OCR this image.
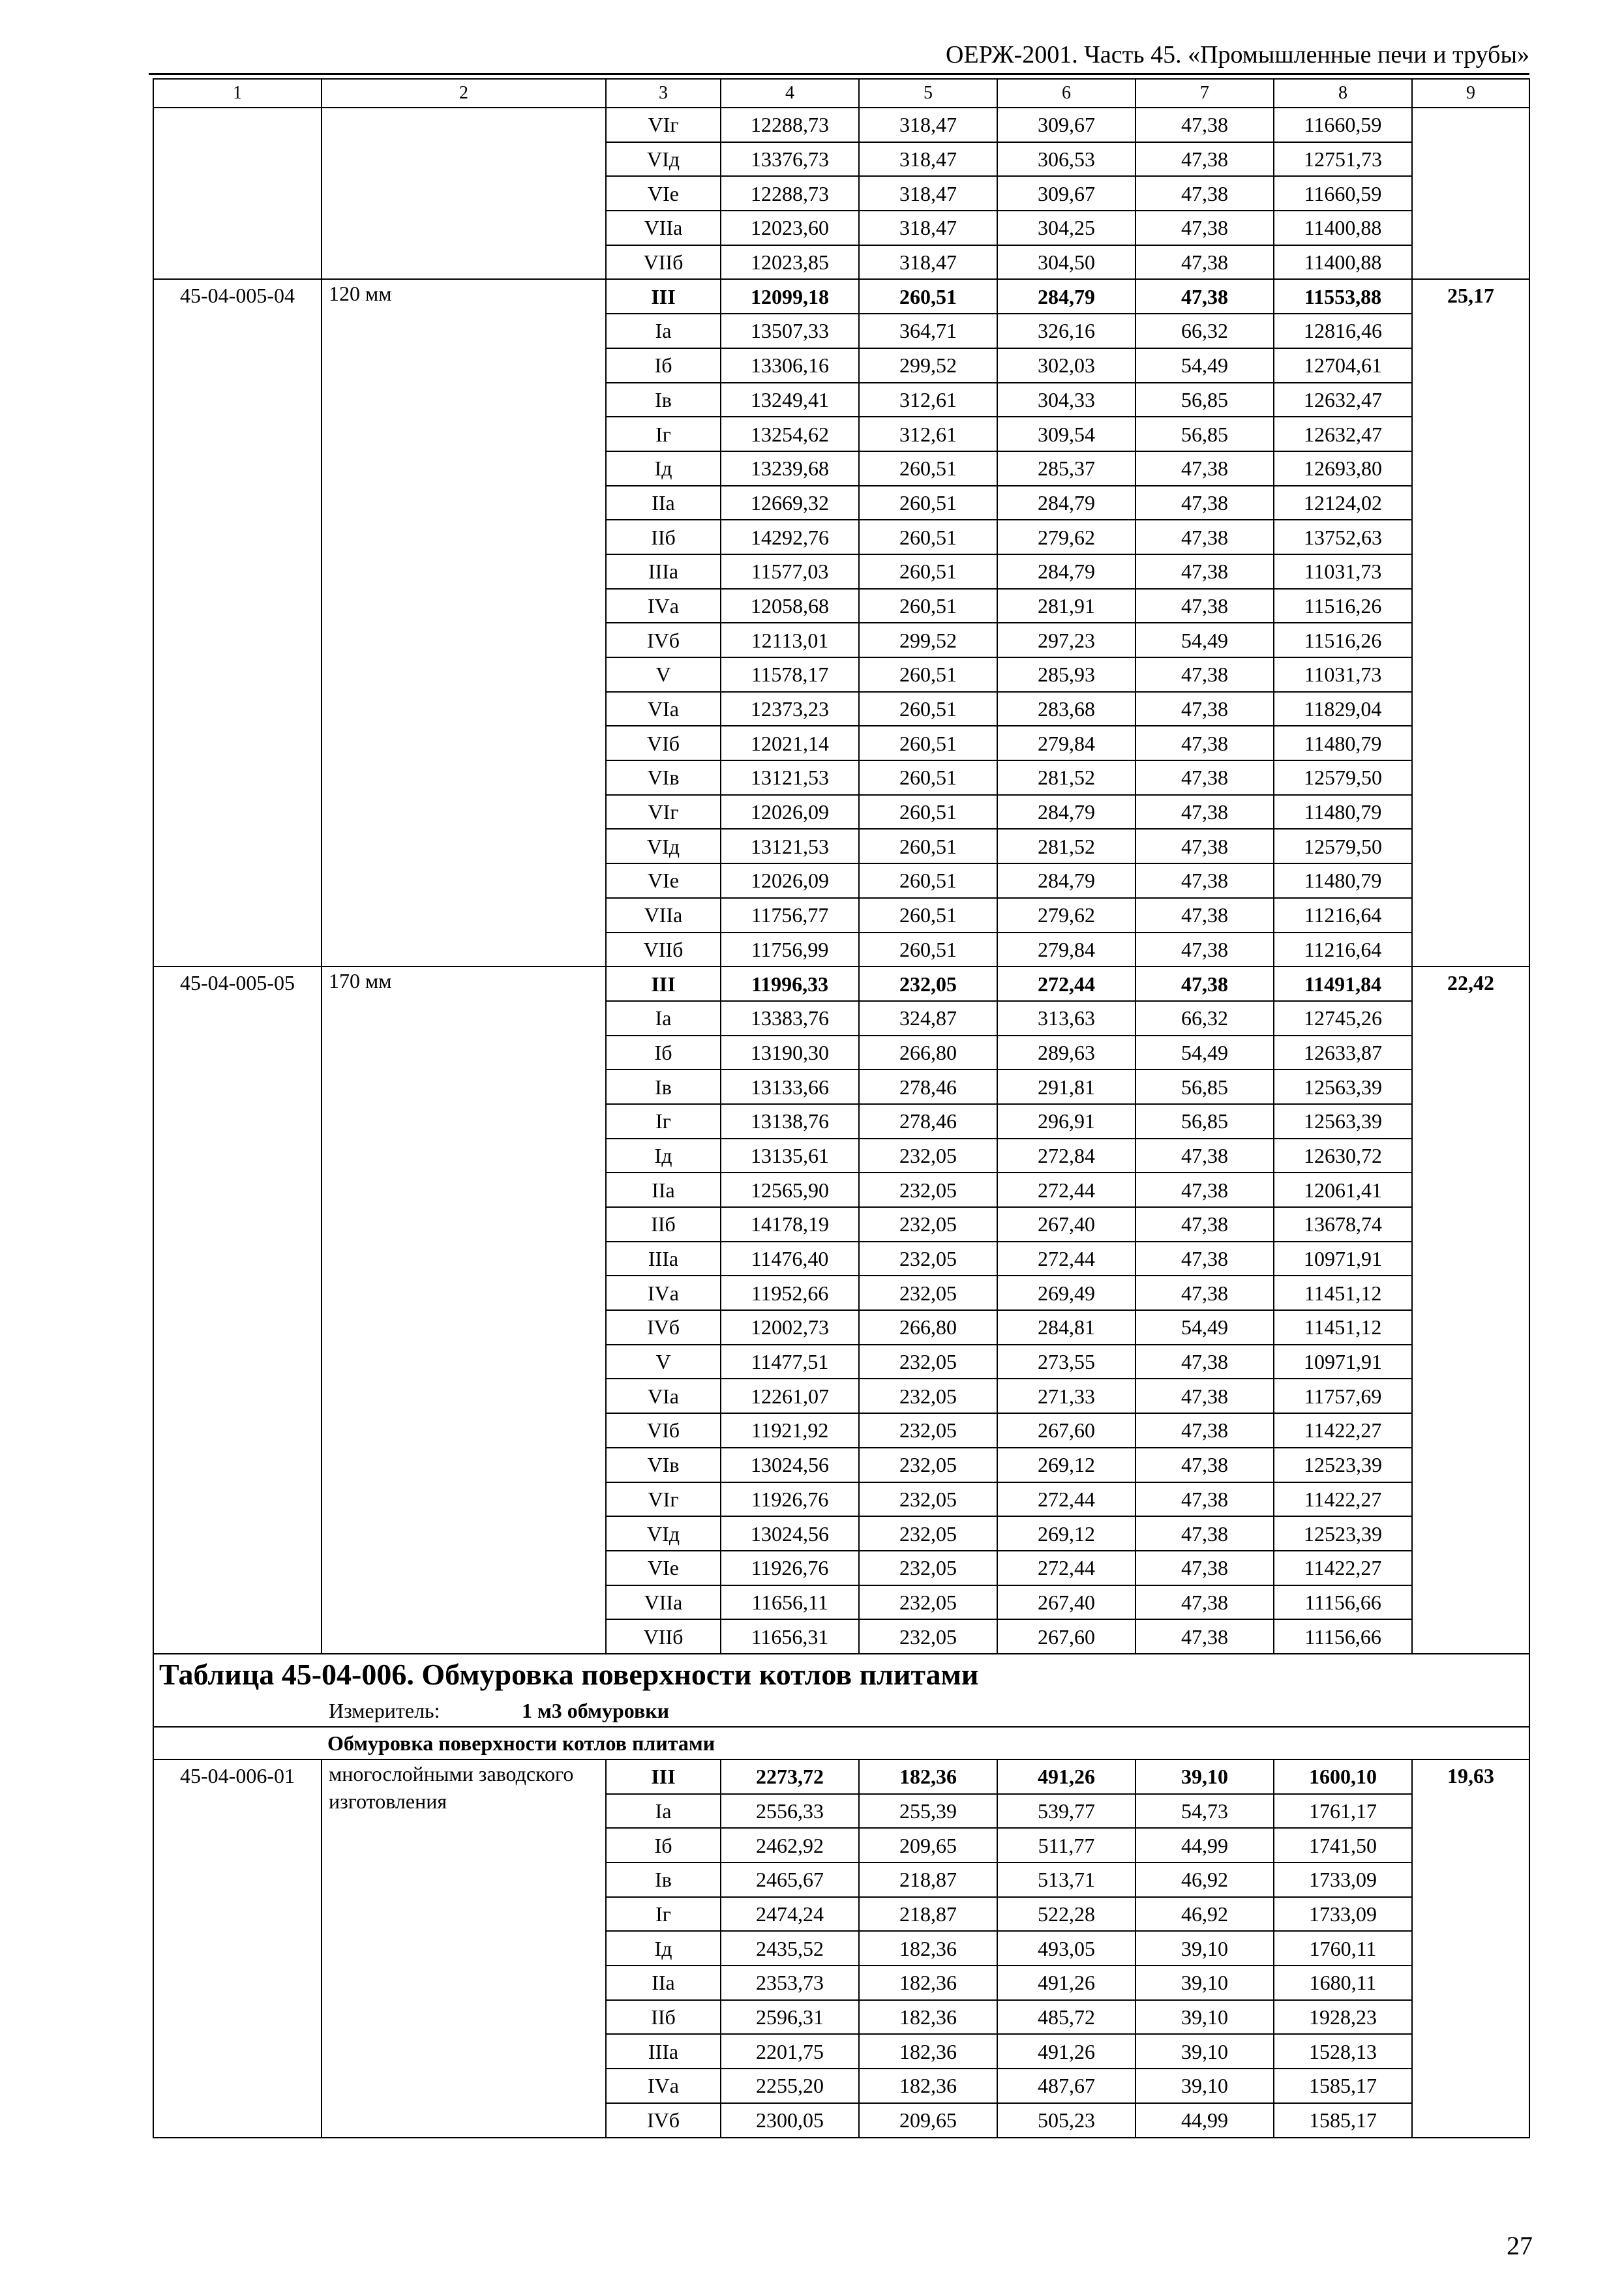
ОЕРЖ-2001. Часть 45. «Промышленные печи и трубы»
1	2	3	4	5	6	7	8	9
		VIг	12288,73	318,47	309,67	47,38	11660,59	
		VIд	13376,73	318,47	306,53	47,38	12751,73	
		VIе	12288,73	318,47	309,67	47,38	11660,59	
		VIIа	12023,60	318,47	304,25	47,38	11400,88	
		VIIб	12023,85	318,47	304,50	47,38	11400,88	
45-04-005-04	120 мм	III	12099,18	260,51	284,79	47,38	11553,88	25,17
		Iа	13507,33	364,71	326,16	66,32	12816,46	
		Iб	13306,16	299,52	302,03	54,49	12704,61	
		Iв	13249,41	312,61	304,33	56,85	12632,47	
		Iг	13254,62	312,61	309,54	56,85	12632,47	
		Iд	13239,68	260,51	285,37	47,38	12693,80	
		IIа	12669,32	260,51	284,79	47,38	12124,02	
		IIб	14292,76	260,51	279,62	47,38	13752,63	
		IIIа	11577,03	260,51	284,79	47,38	11031,73	
		IVа	12058,68	260,51	281,91	47,38	11516,26	
		IVб	12113,01	299,52	297,23	54,49	11516,26	
		V	11578,17	260,51	285,93	47,38	11031,73	
		VIа	12373,23	260,51	283,68	47,38	11829,04	
		VIб	12021,14	260,51	279,84	47,38	11480,79	
		VIв	13121,53	260,51	281,52	47,38	12579,50	
		VIг	12026,09	260,51	284,79	47,38	11480,79	
		VIд	13121,53	260,51	281,52	47,38	12579,50	
		VIе	12026,09	260,51	284,79	47,38	11480,79	
		VIIа	11756,77	260,51	279,62	47,38	11216,64	
		VIIб	11756,99	260,51	279,84	47,38	11216,64	
45-04-005-05	170 мм	III	11996,33	232,05	272,44	47,38	11491,84	22,42
		Iа	13383,76	324,87	313,63	66,32	12745,26	
		Iб	13190,30	266,80	289,63	54,49	12633,87	
		Iв	13133,66	278,46	291,81	56,85	12563,39	
		Iг	13138,76	278,46	296,91	56,85	12563,39	
		Iд	13135,61	232,05	272,84	47,38	12630,72	
		IIа	12565,90	232,05	272,44	47,38	12061,41	
		IIб	14178,19	232,05	267,40	47,38	13678,74	
		IIIа	11476,40	232,05	272,44	47,38	10971,91	
		IVа	11952,66	232,05	269,49	47,38	11451,12	
		IVб	12002,73	266,80	284,81	54,49	11451,12	
		V	11477,51	232,05	273,55	47,38	10971,91	
		VIа	12261,07	232,05	271,33	47,38	11757,69	
		VIб	11921,92	232,05	267,60	47,38	11422,27	
		VIв	13024,56	232,05	269,12	47,38	12523,39	
		VIг	11926,76	232,05	272,44	47,38	11422,27	
		VIд	13024,56	232,05	269,12	47,38	12523,39	
		VIе	11926,76	232,05	272,44	47,38	11422,27	
		VIIа	11656,11	232,05	267,40	47,38	11156,66	
		VIIб	11656,31	232,05	267,60	47,38	11156,66	
Таблица 45-04-006. Обмуровка поверхности котлов плитами								
Измеритель: 1 м3 обмуровки								
Обмуровка поверхности котлов плитами								
45-04-006-01	многослойными заводского изготовления	III	2273,72	182,36	491,26	39,10	1600,10	19,63
		Iа	2556,33	255,39	539,77	54,73	1761,17	
		Iб	2462,92	209,65	511,77	44,99	1741,50	
		Iв	2465,67	218,87	513,71	46,92	1733,09	
		Iг	2474,24	218,87	522,28	46,92	1733,09	
		Iд	2435,52	182,36	493,05	39,10	1760,11	
		IIа	2353,73	182,36	491,26	39,10	1680,11	
		IIб	2596,31	182,36	485,72	39,10	1928,23	
		IIIа	2201,75	182,36	491,26	39,10	1528,13	
		IVа	2255,20	182,36	487,67	39,10	1585,17	
		IVб	2300,05	209,65	505,23	44,99	1585,17	
27
